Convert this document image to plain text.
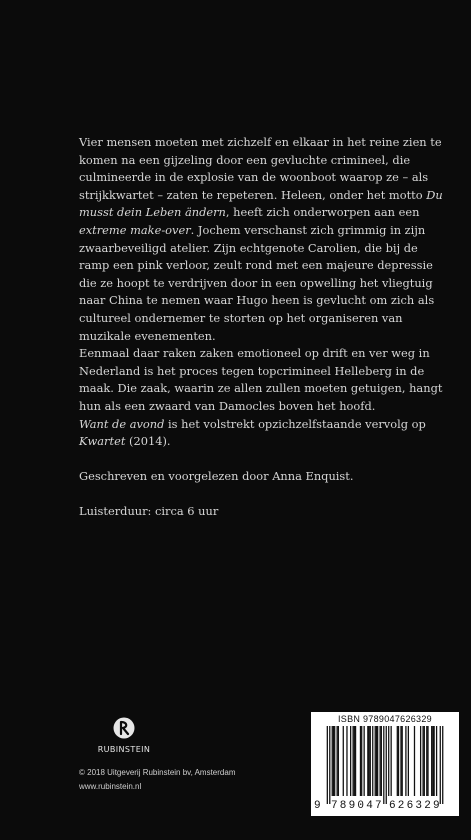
Vier mensen moeten met zichzelf en elkaar in het reine zien te komen na een gijzeling door een gevluchte crimineel, die culmineerde in de explosie van de woonboot waarop ze – als strijkkwartet – zaten te repeteren. Heleen, onder het motto Du musst dein Leben ändern, heeft zich onderworpen aan een extreme make-over. Jochem verschanst zich grimmig in zijn zwaarbeveiligd atelier. Zijn echtgenote Carolien, die bij de ramp een pink verloor, zeult rond met een majeure depressie die ze hoopt te verdrijven door in een opwelling het vliegtuig naar China te nemen waar Hugo heen is gevlucht om zich als cultureel ondernemer te storten op het organiseren van muzikale evenementen.

Eenmaal daar raken zaken emotioneel op drift en ver weg in Nederland is het proces tegen topcrimineel Helleberg in de maak. Die zaak, waarin ze allen zullen moeten getuigen, hangt hun als een zwaard van Damocles boven het hoofd.

Want de avond is het volstrekt opzichzelfstaande vervolg op Kwartet (2014).

Geschreven en voorgelezen door Anna Enquist.

Luisterduur: circa 6 uur

RUBINSTEIN
© 2018 Uitgeverij Rubinstein bv, Amsterdam
www.rubinstein.nl
ISBN 9789047626329
9 789047 626329
